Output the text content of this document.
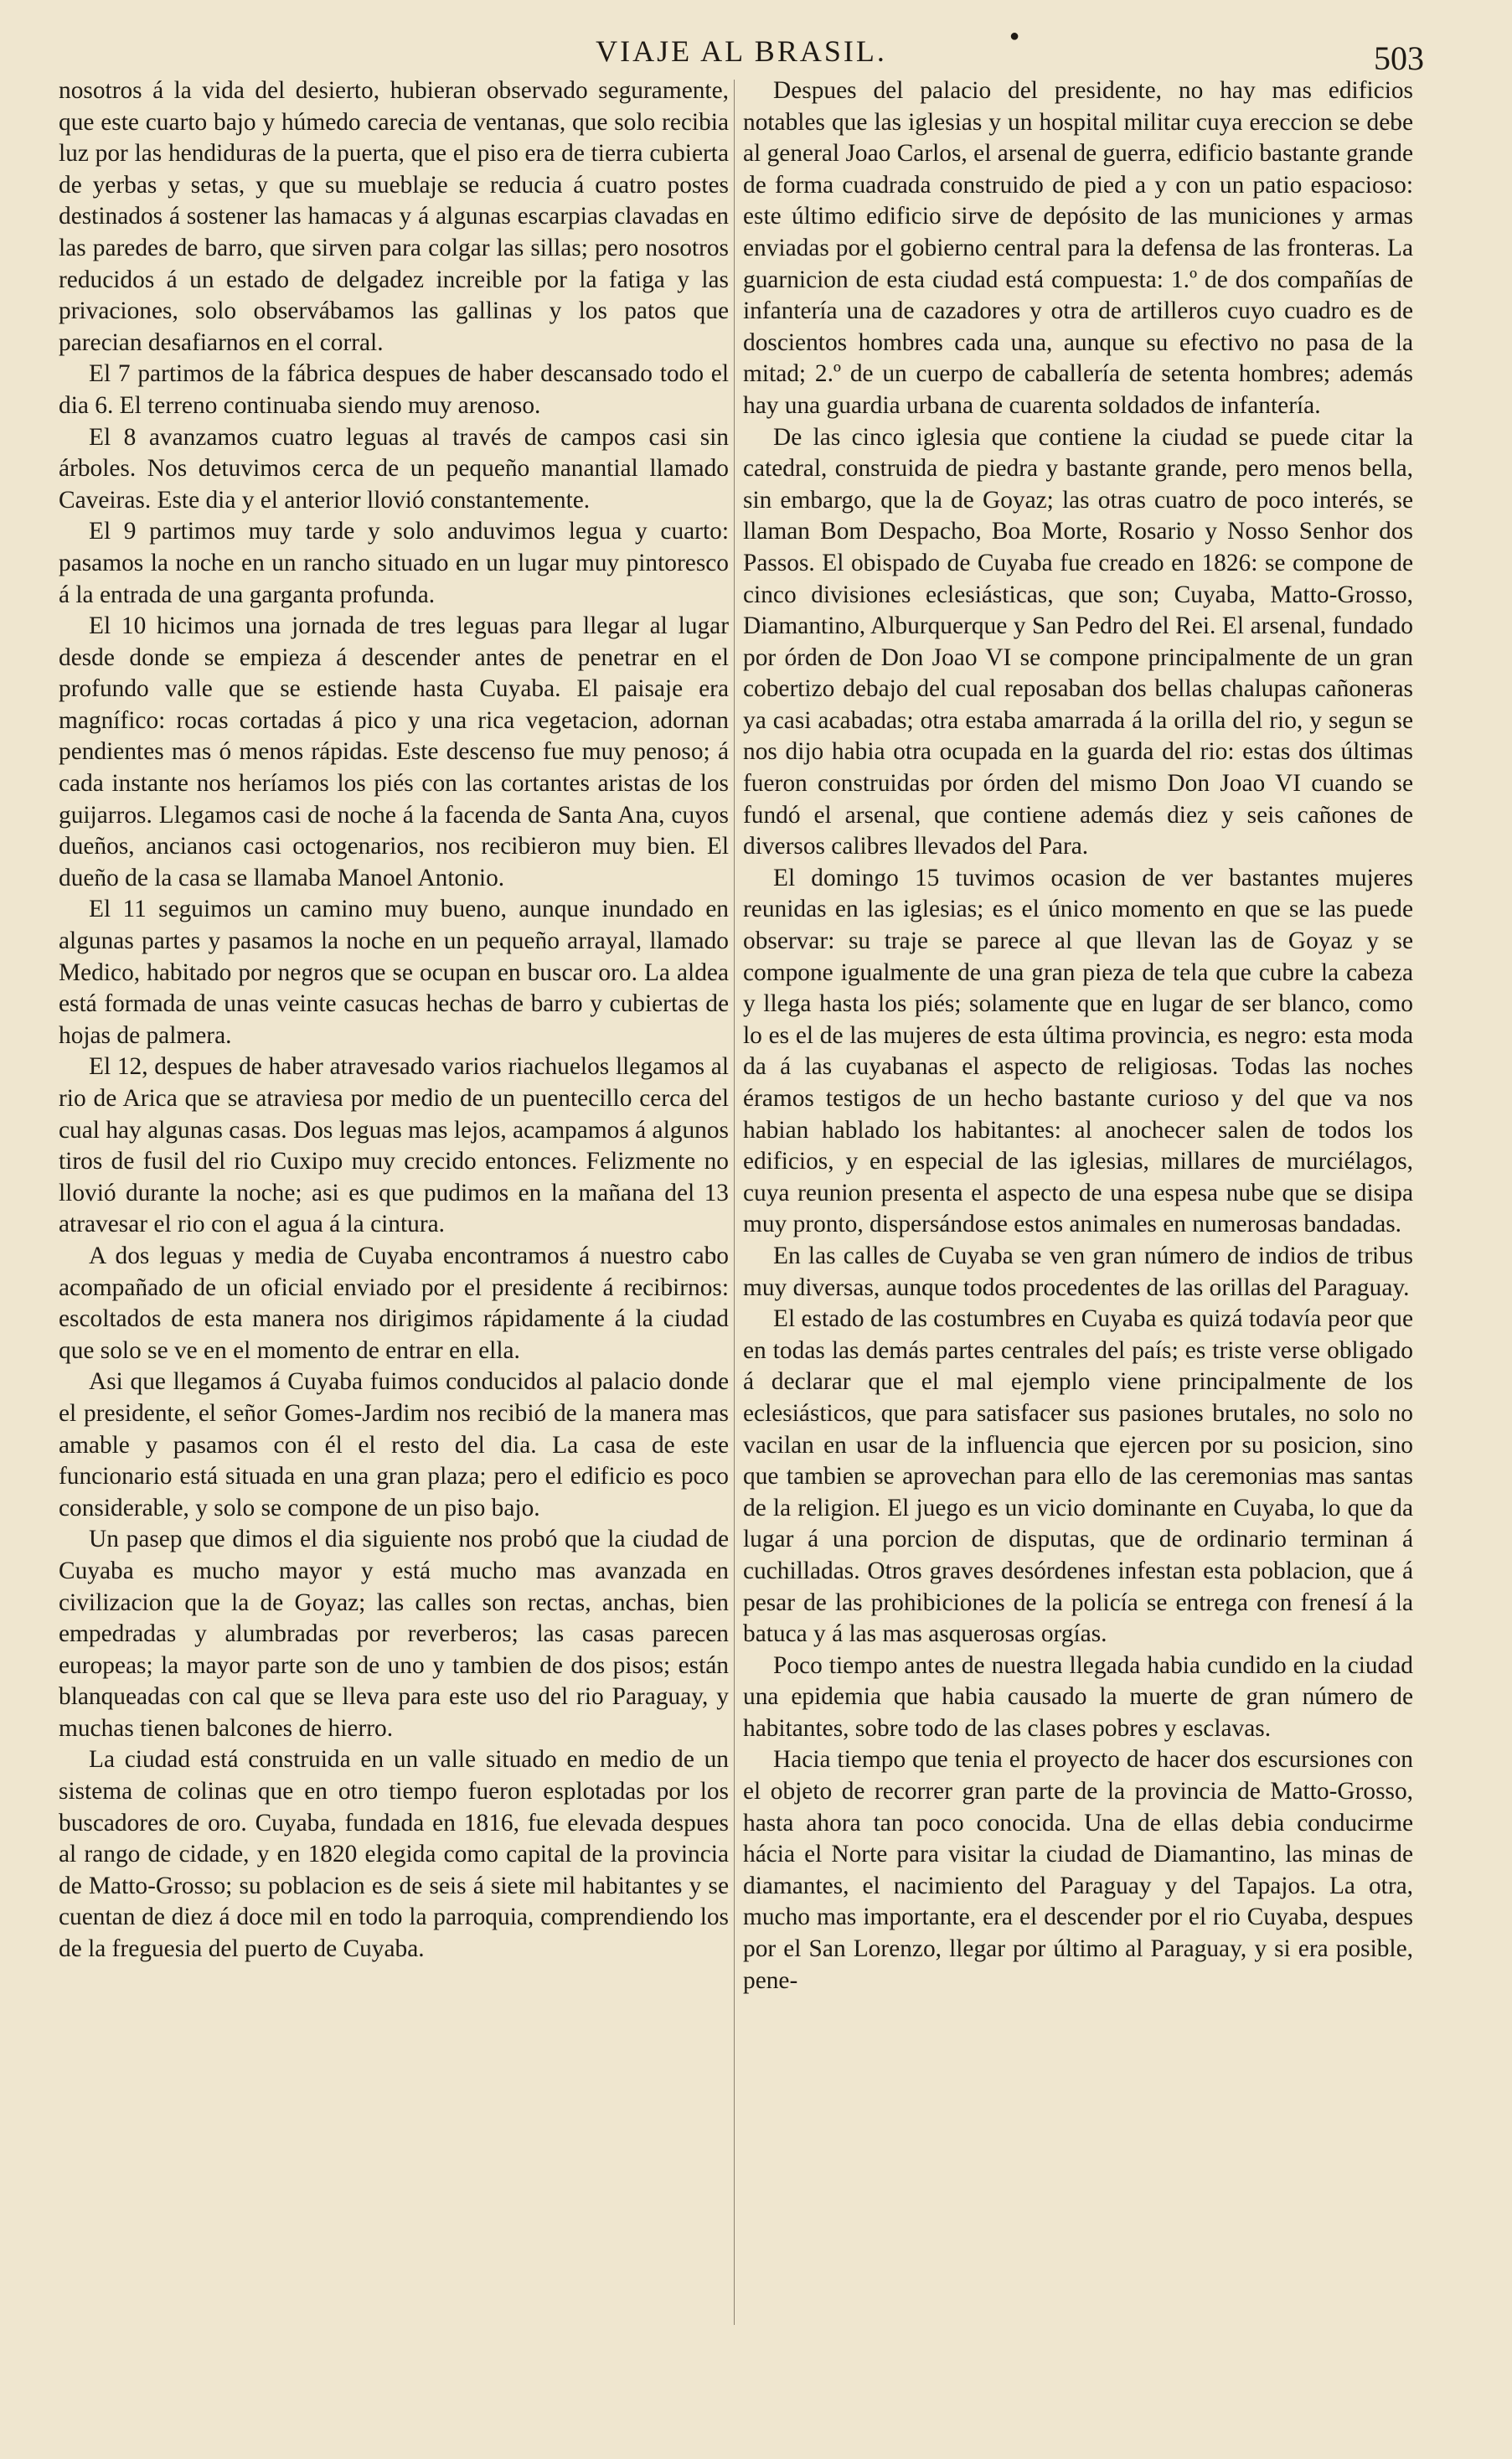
VIAJE AL BRASIL.	●
503

nosotros á la vida del desierto, hubieran observado seguramente, que este cuarto bajo y húmedo carecia de ventanas, que solo recibia luz por las hendiduras de la puerta, que el piso era de tierra cubierta de yerbas y setas, y que su mueblaje se reducia á cuatro postes destinados á sostener las hamacas y á algunas escarpias clavadas en las paredes de barro, que sirven para colgar las sillas; pero nosotros reducidos á un estado de delgadez increible por la fatiga y las privaciones, solo observábamos las gallinas y los patos que parecian desafiarnos en el corral.

El 7 partimos de la fábrica despues de haber descansado todo el dia 6. El terreno continuaba siendo muy arenoso.

El 8 avanzamos cuatro leguas al través de campos casi sin árboles. Nos detuvimos cerca de un pequeño manantial llamado Caveiras. Este dia y el anterior llovió constantemente.

El 9 partimos muy tarde y solo anduvimos legua y cuarto: pasamos la noche en un rancho situado en un lugar muy pintoresco á la entrada de una garganta profunda.

El 10 hicimos una jornada de tres leguas para llegar al lugar desde donde se empieza á descender antes de penetrar en el profundo valle que se estiende hasta Cuyaba. El paisaje era magnífico: rocas cortadas á pico y una rica vegetacion, adornan pendientes mas ó menos rápidas. Este descenso fue muy penoso; á cada instante nos heríamos los piés con las cortantes aristas de los guijarros. Llegamos casi de noche á la facenda de Santa Ana, cuyos dueños, ancianos casi octogenarios, nos recibieron muy bien. El dueño de la casa se llamaba Manoel Antonio.

El 11 seguimos un camino muy bueno, aunque inundado en algunas partes y pasamos la noche en un pequeño arrayal, llamado Medico, habitado por negros que se ocupan en buscar oro. La aldea está formada de unas veinte casucas hechas de barro y cubiertas de hojas de palmera.

El 12, despues de haber atravesado varios riachuelos llegamos al rio de Arica que se atraviesa por medio de un puentecillo cerca del cual hay algunas casas. Dos leguas mas lejos, acampamos á algunos tiros de fusil del rio Cuxipo muy crecido entonces. Felizmente no llovió durante la noche; asi es que pudimos en la mañana del 13 atravesar el rio con el agua á la cintura.

A dos leguas y media de Cuyaba encontramos á nuestro cabo acompañado de un oficial enviado por el presidente á recibirnos: escoltados de esta manera nos dirigimos rápidamente á la ciudad que solo se ve en el momento de entrar en ella.

Asi que llegamos á Cuyaba fuimos conducidos al palacio donde el presidente, el señor Gomes-Jardim nos recibió de la manera mas amable y pasamos con él el resto del dia. La casa de este funcionario está situada en una gran plaza; pero el edificio es poco considerable, y solo se compone de un piso bajo.

Un pasep que dimos el dia siguiente nos probó que la ciudad de Cuyaba es mucho mayor y está mucho mas avanzada en civilizacion que la de Goyaz; las calles son rectas, anchas, bien empedradas y alumbradas por reverberos; las casas parecen europeas; la mayor parte son de uno y tambien de dos pisos; están blanqueadas con cal que se lleva para este uso del rio Paraguay, y muchas tienen balcones de hierro.

La ciudad está construida en un valle situado en medio de un sistema de colinas que en otro tiempo fueron esplotadas por los buscadores de oro. Cuyaba, fundada en 1816, fue elevada despues al rango de cidade, y en 1820 elegida como capital de la provincia de Matto-Grosso; su poblacion es de seis á siete mil habitantes y se cuentan de diez á doce mil en todo la parroquia, comprendiendo los de la freguesia del puerto de Cuyaba.

Despues del palacio del presidente, no hay mas edificios notables que las iglesias y un hospital militar cuya ereccion se debe al general Joao Carlos, el arsenal de guerra, edificio bastante grande de forma cuadrada construido de pied a y con un patio espacioso: este último edificio sirve de depósito de las municiones y armas enviadas por el gobierno central para la defensa de las fronteras. La guarnicion de esta ciudad está compuesta: 1.º de dos compañías de infantería una de cazadores y otra de artilleros cuyo cuadro es de doscientos hombres cada una, aunque su efectivo no pasa de la mitad; 2.º de un cuerpo de caballería de setenta hombres; además hay una guardia urbana de cuarenta soldados de infantería.

De las cinco iglesia que contiene la ciudad se puede citar la catedral, construida de piedra y bastante grande, pero menos bella, sin embargo, que la de Goyaz; las otras cuatro de poco interés, se llaman Bom Despacho, Boa Morte, Rosario y Nosso Senhor dos Passos. El obispado de Cuyaba fue creado en 1826: se compone de cinco divisiones eclesiásticas, que son; Cuyaba, Matto-Grosso, Diamantino, Alburquerque y San Pedro del Rei. El arsenal, fundado por órden de Don Joao VI se compone principalmente de un gran cobertizo debajo del cual reposaban dos bellas chalupas cañoneras ya casi acabadas; otra estaba amarrada á la orilla del rio, y segun se nos dijo habia otra ocupada en la guarda del rio: estas dos últimas fueron construidas por órden del mismo Don Joao VI cuando se fundó el arsenal, que contiene además diez y seis cañones de diversos calibres llevados del Para.

El domingo 15 tuvimos ocasion de ver bastantes mujeres reunidas en las iglesias; es el único momento en que se las puede observar: su traje se parece al que llevan las de Goyaz y se compone igualmente de una gran pieza de tela que cubre la cabeza y llega hasta los piés; solamente que en lugar de ser blanco, como lo es el de las mujeres de esta última provincia, es negro: esta moda da á las cuyabanas el aspecto de religiosas. Todas las noches éramos testigos de un hecho bastante curioso y del que va nos habian hablado los habitantes: al anochecer salen de todos los edificios, y en especial de las iglesias, millares de murciélagos, cuya reunion presenta el aspecto de una espesa nube que se disipa muy pronto, dispersándose estos animales en numerosas bandadas.

En las calles de Cuyaba se ven gran número de indios de tribus muy diversas, aunque todos procedentes de las orillas del Paraguay.

El estado de las costumbres en Cuyaba es quizá todavía peor que en todas las demás partes centrales del país; es triste verse obligado á declarar que el mal ejemplo viene principalmente de los eclesiásticos, que para satisfacer sus pasiones brutales, no solo no vacilan en usar de la influencia que ejercen por su posicion, sino que tambien se aprovechan para ello de las ceremonias mas santas de la religion. El juego es un vicio dominante en Cuyaba, lo que da lugar á una porcion de disputas, que de ordinario terminan á cuchilladas. Otros graves desórdenes infestan esta poblacion, que á pesar de las prohibiciones de la policía se entrega con frenesí á la batuca y á las mas asquerosas orgías.

Poco tiempo antes de nuestra llegada habia cundido en la ciudad una epidemia que habia causado la muerte de gran número de habitantes, sobre todo de las clases pobres y esclavas.

Hacia tiempo que tenia el proyecto de hacer dos escursiones con el objeto de recorrer gran parte de la provincia de Matto-Grosso, hasta ahora tan poco conocida. Una de ellas debia conducirme hácia el Norte para visitar la ciudad de Diamantino, las minas de diamantes, el nacimiento del Paraguay y del Tapajos. La otra, mucho mas importante, era el descender por el rio Cuyaba, despues por el San Lorenzo, llegar por último al Paraguay, y si era posible, pene-
